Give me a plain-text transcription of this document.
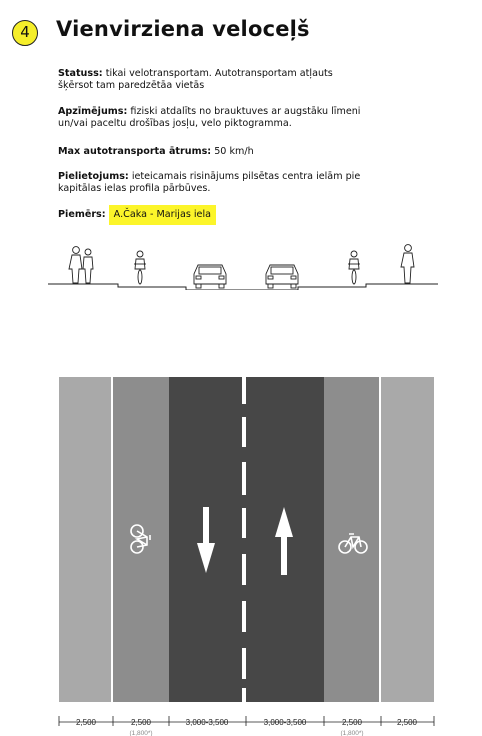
4	Vienvirziena veloceļš
Statuss: tikai velotransportam. Autotransportam atļauts
šķērsot tam paredzētāa vietās
Apzīmējums: fiziski atdalīts no brauktuves ar augstāku līmeni
un/vai paceltu drošības josļu, velo piktogramma.
Max autotransporta ātrums: 50 km/h
Pielietojums: ieteicamais risinājums pilsētas centra ielām pie
kapitālas ielas profila pārbūves.
Piemērs: A.Čaka - Marijas iela
2,500	2,500	3,000-3,500	3,000-3,500	2,500	2,500
(1,800*)	(1,800*)
